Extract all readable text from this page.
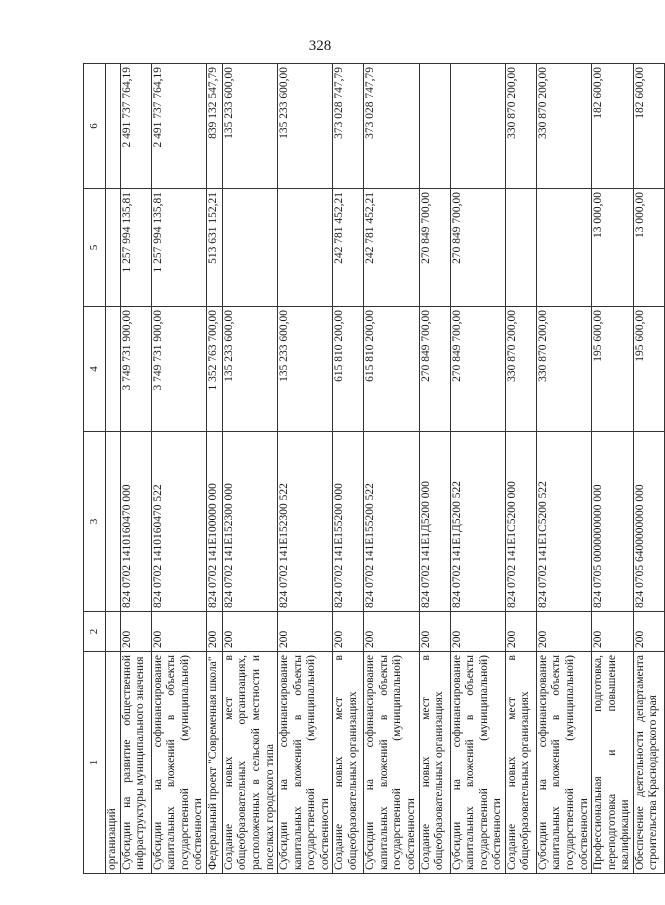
328
1	2	3	4	5	6
организаций					
Субсидии на развитие общественной инфраструктуры муниципального значения	200	824 0702 1410160470 000	3 749 731 900,00	1 257 994 135,81	2 491 737 764,19
Субсидии на софинансирование капитальных вложений в объекты государственной (муниципальной) собственности	200	824 0702 1410160470 522	3 749 731 900,00	1 257 994 135,81	2 491 737 764,19
Федеральный проект "Современная школа"	200	824 0702 141E100000 000	1 352 763 700,00	513 631 152,21	839 132 547,79
Создание новых мест в общеобразовательных организациях, расположенных в сельской местности и поселках городского типа	200	824 0702 141E152300 000	135 233 600,00		135 233 600,00
Субсидии на софинансирование капитальных вложений в объекты государственной (муниципальной) собственности	200	824 0702 141E152300 522	135 233 600,00		135 233 600,00
Создание новых мест в общеобразовательных организациях	200	824 0702 141E155200 000	615 810 200,00	242 781 452,21	373 028 747,79
Субсидии на софинансирование капитальных вложений в объекты государственной (муниципальной) собственности	200	824 0702 141E155200 522	615 810 200,00	242 781 452,21	373 028 747,79
Создание новых мест в общеобразовательных организациях	200	824 0702 141E1Д5200 000	270 849 700,00	270 849 700,00	
Субсидии на софинансирование капитальных вложений в объекты государственной (муниципальной) собственности	200	824 0702 141E1Д5200 522	270 849 700,00	270 849 700,00	
Создание новых мест в общеобразовательных организациях	200	824 0702 141E1С5200 000	330 870 200,00		330 870 200,00
Субсидии на софинансирование капитальных вложений в объекты государственной (муниципальной) собственности	200	824 0702 141E1С5200 522	330 870 200,00		330 870 200,00
Профессиональная подготовка, переподготовка и повышение квалификации	200	824 0705 0000000000 000	195 600,00	13 000,00	182 600,00
Обеспечение деятельности департамента строительства Краснодарского края	200	824 0705 6400000000 000	195 600,00	13 000,00	182 600,00
